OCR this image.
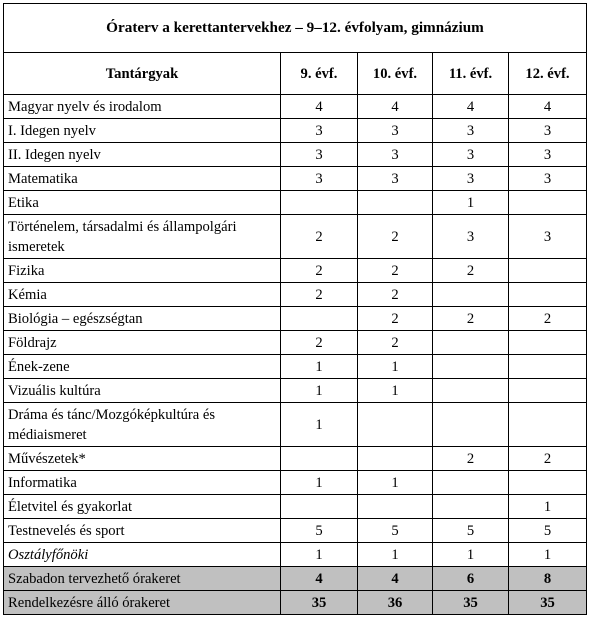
Óraterv a kerettantervekhez – 9–12. évfolyam, gimnázium				
Tantárgyak	9. évf.	10. évf.	11. évf.	12. évf.
Magyar nyelv és irodalom	4	4	4	4
I. Idegen nyelv	3	3	3	3
II. Idegen nyelv	3	3	3	3
Matematika	3	3	3	3
Etika			1	
Történelem, társadalmi és állampolgári ismeretek	2	2	3	3
Fizika	2	2	2	
Kémia	2	2		
Biológia – egészségtan		2	2	2
Földrajz	2	2		
Ének-zene	1	1		
Vizuális kultúra	1	1		
Dráma és tánc/Mozgóképkultúra és médiaismeret	1			
Művészetek*			2	2
Informatika	1	1		
Életvitel és gyakorlat				1
Testnevelés és sport	5	5	5	5
Osztályfőnöki	1	1	1	1
Szabadon tervezhető órakeret	4	4	6	8
Rendelkezésre álló órakeret	35	36	35	35
